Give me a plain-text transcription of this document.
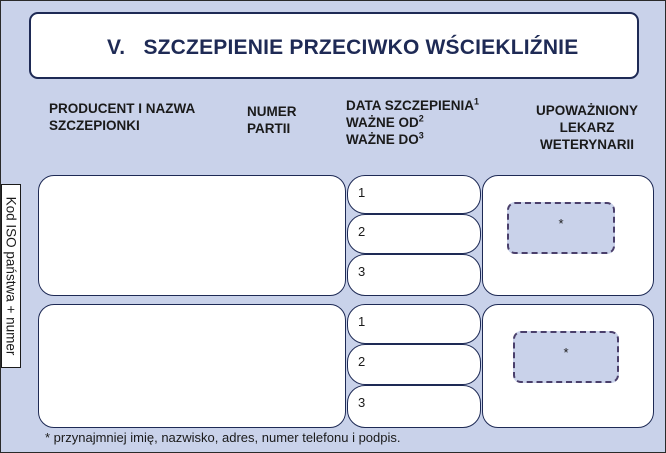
V. SZCZEPIENIE PRZECIWKO WŚCIEKLIŹNIE
PRODUCENT I NAZWA
SZCZEPIONKI
NUMER
PARTII
DATA SZCZEPIENIA$^1$
WAŻNE $OD^2$
WAŻNE $DO^3$
UPOWAŻNIONY
LEKARZ
WETERYNARII
Kod ISO państwa + numer
1
2
3
*
1
2
3
*
* przynajmniej imię, nazwisko, adres, numer telefonu i podpis.
